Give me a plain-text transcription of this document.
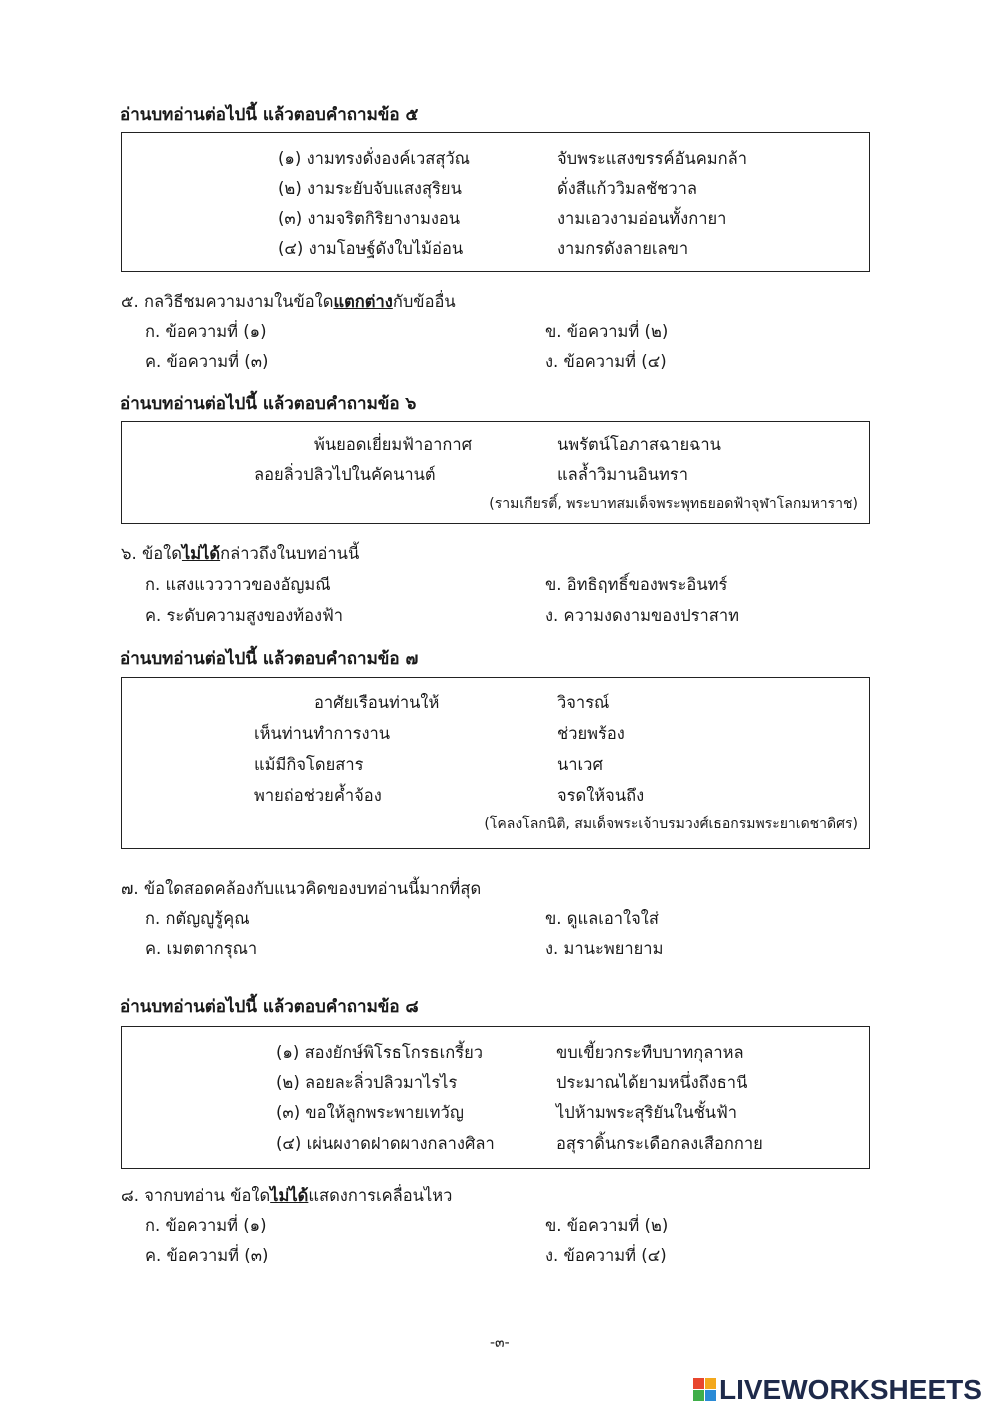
อ่านบทอ่านต่อไปนี้ แล้วตอบคำถามข้อ ๕
(๑) งามทรงดั่งองค์เวสสุวัณ	จับพระแสงขรรค์อันคมกล้า
(๒) งามระยับจับแสงสุริยน	ดั่งสีแก้ววิมลชัชวาล
(๓) งามจริตกิริยางามงอน	งามเอวงามอ่อนทั้งกายา
(๔) งามโอษฐ์ดังใบไม้อ่อน	งามกรดังลายเลขา
๕. กลวิธีชมความงามในข้อใดแตกต่างกับข้ออื่น
ก. ข้อความที่ (๑)	ข. ข้อความที่ (๒)
ค. ข้อความที่ (๓)	ง. ข้อความที่ (๔)
อ่านบทอ่านต่อไปนี้ แล้วตอบคำถามข้อ ๖
พ้นยอดเยี่ยมฟ้าอากาศ	นพรัตน์โอภาสฉายฉาน
ลอยลิ่วปลิวไปในคัคนานต์	แลล้ำวิมานอินทรา
(รามเกียรติ์, พระบาทสมเด็จพระพุทธยอดฟ้าจุฬาโลกมหาราช)
๖. ข้อใดไม่ได้กล่าวถึงในบทอ่านนี้
ก. แสงแวววาวของอัญมณี	ข. อิทธิฤทธิ์ของพระอินทร์
ค. ระดับความสูงของท้องฟ้า	ง. ความงดงามของปราสาท
อ่านบทอ่านต่อไปนี้ แล้วตอบคำถามข้อ ๗
อาศัยเรือนท่านให้	วิจารณ์
เห็นท่านทำการงาน	ช่วยพร้อง
แม้มีกิจโดยสาร	นาเวศ
พายถ่อช่วยค้ำจ้อง	จรดให้จนถึง
(โคลงโลกนิติ, สมเด็จพระเจ้าบรมวงศ์เธอกรมพระยาเดชาดิศร)
๗. ข้อใดสอดคล้องกับแนวคิดของบทอ่านนี้มากที่สุด
ก. กตัญญูรู้คุณ	ข. ดูแลเอาใจใส่
ค. เมตตากรุณา	ง. มานะพยายาม
อ่านบทอ่านต่อไปนี้ แล้วตอบคำถามข้อ ๘
(๑) สองยักษ์พิโรธโกรธเกรี้ยว	ขบเขี้ยวกระทืบบาทกุลาหล
(๒) ลอยละลิ่วปลิวมาไรไร	ประมาณได้ยามหนึ่งถึงธานี
(๓) ขอให้ลูกพระพายเทวัญ	ไปห้ามพระสุริยันในชั้นฟ้า
(๔) เผ่นผงาดฝาดผางกลางศิลา	อสุราดิ้นกระเดือกลงเสือกกาย
๘. จากบทอ่าน ข้อใดไม่ได้แสดงการเคลื่อนไหว
ก. ข้อความที่ (๑)	ข. ข้อความที่ (๒)
ค. ข้อความที่ (๓)	ง. ข้อความที่ (๔)
-๓-
LIVEWORKSHEETS
